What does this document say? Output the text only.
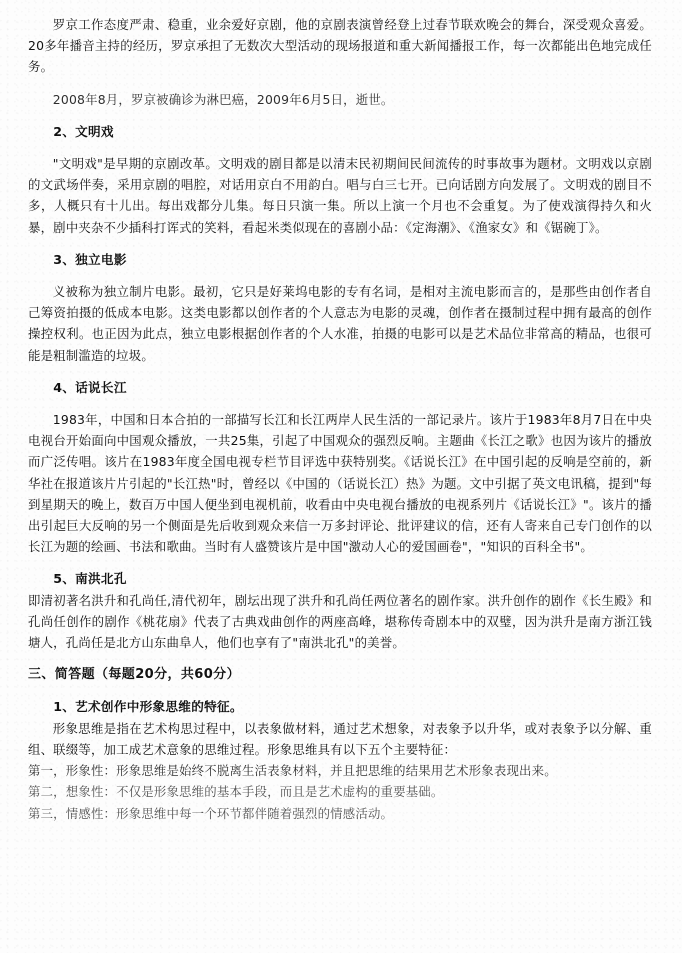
罗京工作态度严肃、稳重，业余爱好京剧，他的京剧表演曾经登上过春节联欢晚会的舞台，深受观众喜爱。20多年播音主持的经历，罗京承担了无数次大型活动的现场报道和重大新闻播报工作，每一次都能出色地完成任务。

2008年8月，罗京被确诊为淋巴癌，2009年6月5日，逝世。

2、文明戏

"文明戏"是早期的京剧改革。文明戏的剧目都是以清末民初期间民间流传的时事故事为题材。文明戏以京剧的文武场伴奏，采用京剧的唱腔，对话用京白不用韵白。唱与白三七开。已向话剧方向发展了。文明戏的剧目不多，人概只有十儿出。每出戏都分儿集。每日只演一集。所以上演一个月也不会重复。为了使戏演得持久和火暴，剧中夹杂不少插科打诨式的笑料，看起米类似现在的喜剧小品：《定海潮》、《渔家女》和《锯碗丁》。

3、独立电影

义被称为独立制片电影。最初，它只是好莱坞电影的专有名词，是相对主流电影而言的，是那些由创作者自己筹资拍摄的低成本电影。这类电影都以创作者的个人意志为电影的灵魂，创作者在摄制过程中拥有最高的创作操控权利。也正因为此点，独立电影根据创作者的个人水准，拍摄的电影可以是艺术品位非常高的精品，也很可能是粗制滥造的垃圾。

4、话说长江

1983年，中国和日本合拍的一部描写长江和长江两岸人民生活的一部记录片。该片于1983年8月7日在中央电视台开始面向中国观众播放，一共25集，引起了中国观众的强烈反响。主题曲《长江之歌》也因为该片的播放而广泛传唱。该片在1983年度全国电视专栏节目评选中获特别奖。《话说长江》在中国引起的反响是空前的，新华社在报道该片片引起的"长江热"时，曾经以《中国的（话说长江）热》为题。文中引据了英文电讯稿，提到"每到星期天的晚上，数百万中国人便坐到电视机前，收看由中央电视台播放的电视系列片《话说长江》"。该片的播出引起巨大反响的另一个侧面是先后收到观众来信一万多封评论、批评建议的信，还有人寄来自己专门创作的以长江为题的绘画、书法和歌曲。当时有人盛赞该片是中国"激动人心的爱国画卷"，"知识的百科全书"。

5、南洪北孔

即清初著名洪升和孔尚任,清代初年，剧坛出现了洪升和孔尚任两位著名的剧作家。洪升创作的剧作《长生殿》和孔尚任创作的剧作《桃花扇》代表了古典戏曲创作的两座高峰，堪称传奇剧本中的双璧，因为洪升是南方浙江钱塘人，孔尚任是北方山东曲阜人，他们也享有了"南洪北孔"的美誉。

三、简答题（每题20分，共60分）

1、艺术创作中形象思维的特征。

形象思维是指在艺术构思过程中，以表象做材料，通过艺术想象，对表象予以升华，或对表象予以分解、重组、联缀等，加工成艺术意象的思维过程。形象思维具有以下五个主要特征：

第一，形象性：形象思维是始终不脱离生活表象材料，并且把思维的结果用艺术形象表现出来。

第二，想象性：不仅是形象思维的基本手段，而且是艺术虚构的重要基础。

第三，情感性：形象思维中每一个环节都伴随着强烈的情感活动。
